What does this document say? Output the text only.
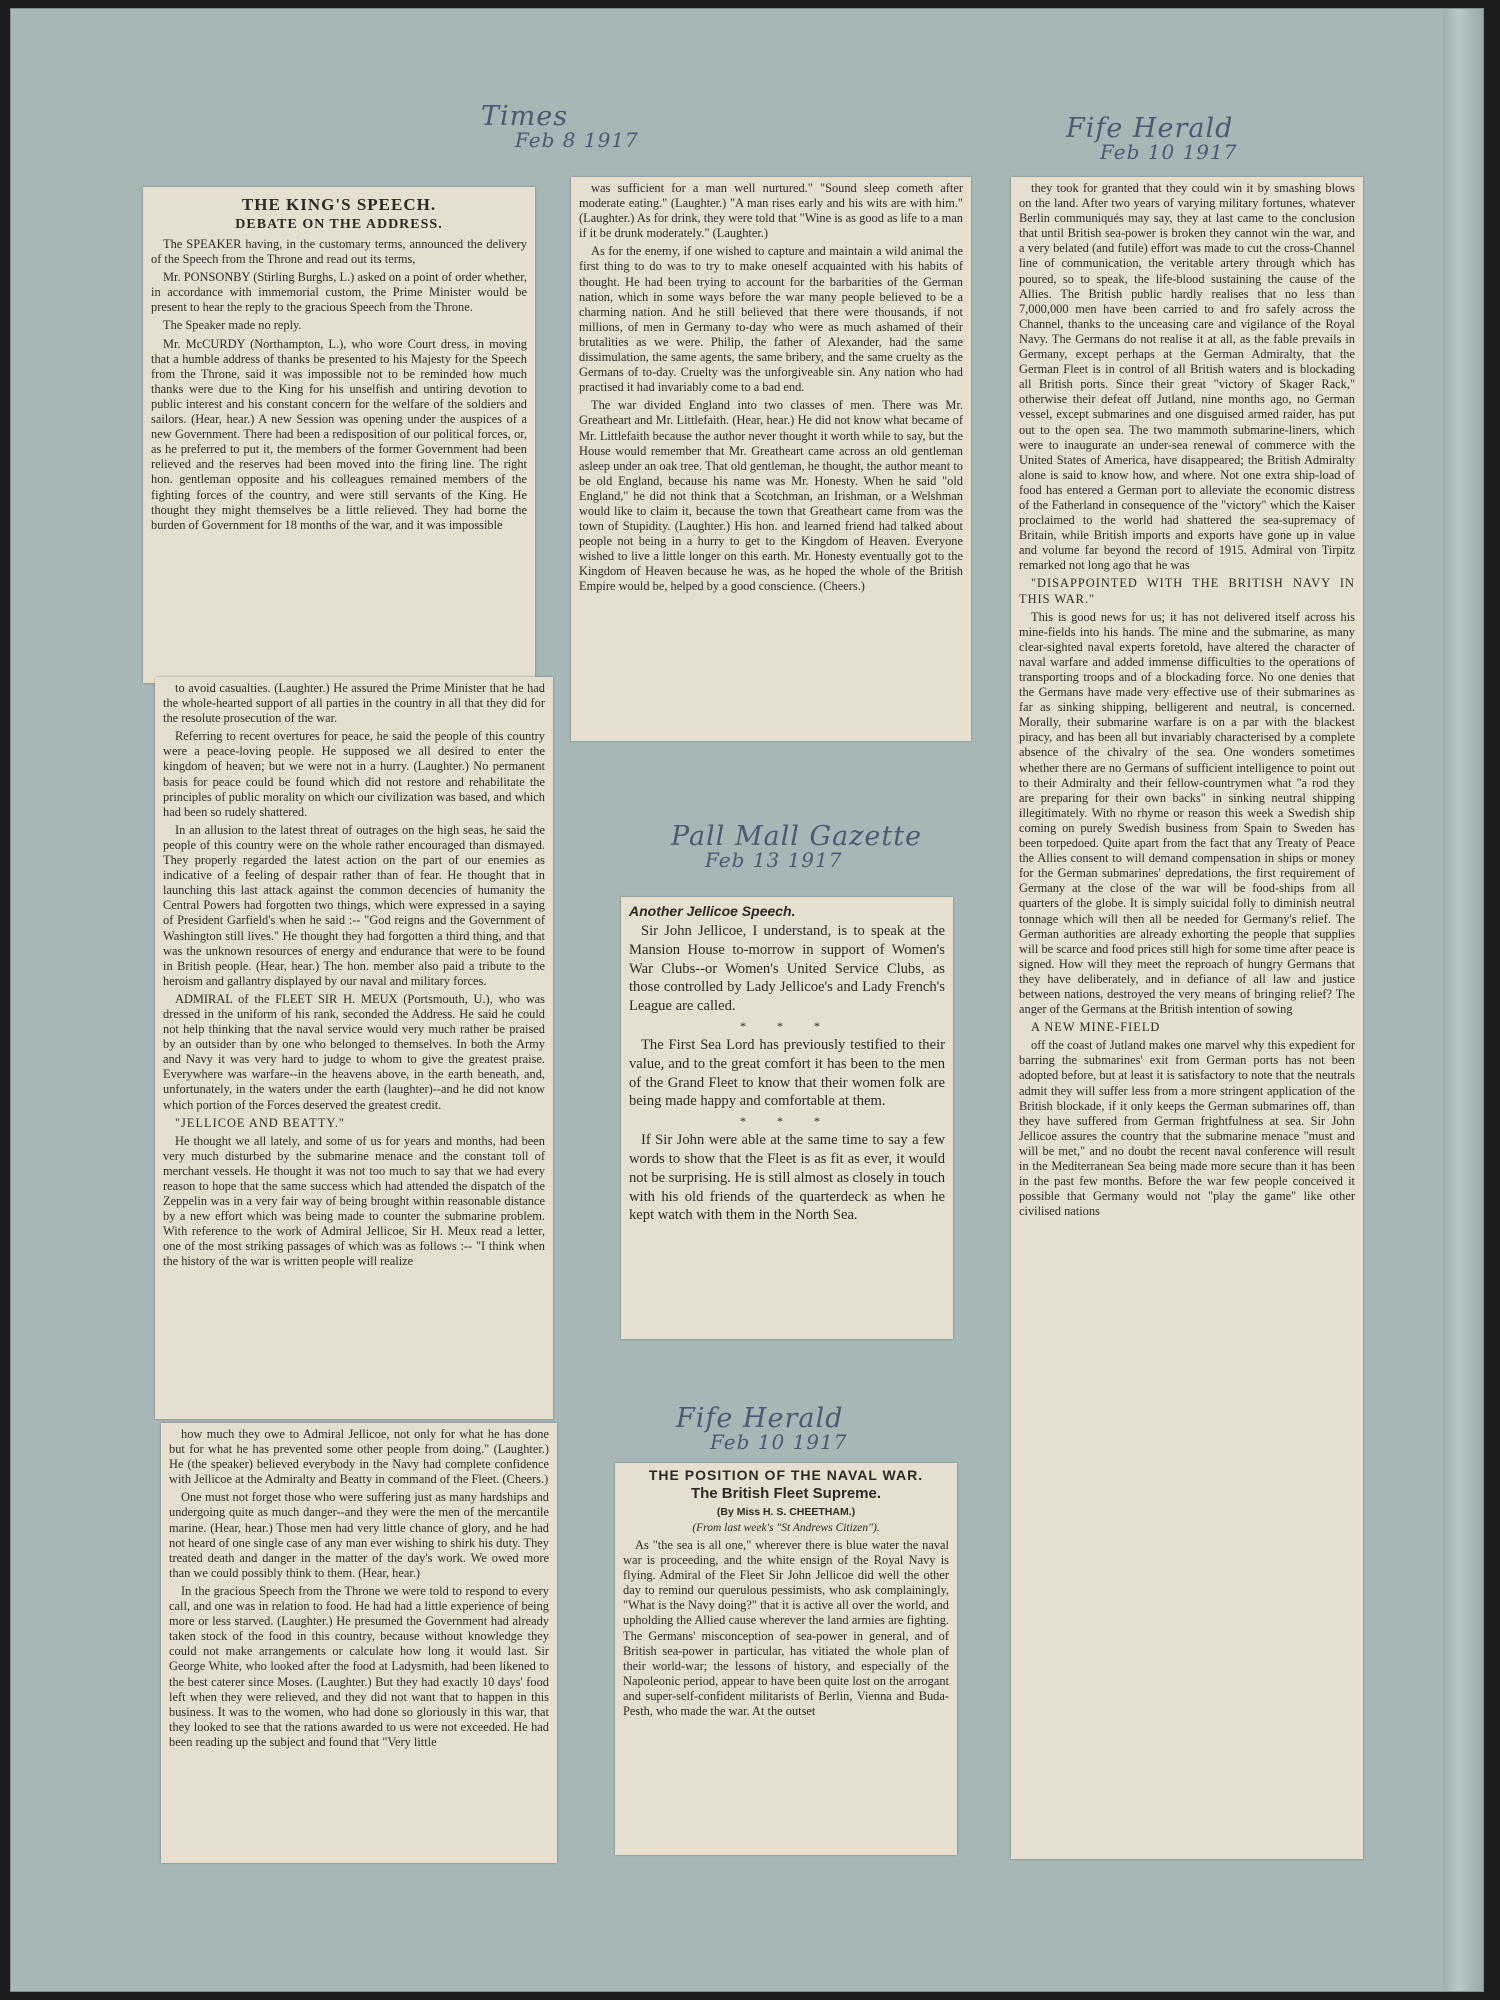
Times
Feb 8 1917	Fife Herald
Feb 10 1917
Pall Mall Gazette
Feb 13 1917
Fife Herald
Feb 10 1917
THE KING'S SPEECH.
DEBATE ON THE ADDRESS.

The SPEAKER having, in the customary terms, announced the delivery of the Speech from the Throne and read out its terms,

Mr. PONSONBY (Stirling Burghs, L.) asked on a point of order whether, in accordance with immemorial custom, the Prime Minister would be present to hear the reply to the gracious Speech from the Throne.

The Speaker made no reply.

Mr. McCURDY (Northampton, L.), who wore Court dress, in moving that a humble address of thanks be presented to his Majesty for the Speech from the Throne, said it was impossible not to be reminded how much thanks were due to the King for his unselfish and untiring devotion to public interest and his constant concern for the welfare of the soldiers and sailors. (Hear, hear.) A new Session was opening under the auspices of a new Government. There had been a redisposition of our political forces, or, as he preferred to put it, the members of the former Government had been relieved and the reserves had been moved into the firing line. The right hon. gentleman opposite and his colleagues remained members of the fighting forces of the country, and were still servants of the King. He thought they might themselves be a little relieved. They had borne the burden of Government for 18 months of the war, and it was impossible

to avoid casualties. (Laughter.) He assured the Prime Minister that he had the whole-hearted support of all parties in the country in all that they did for the resolute prosecution of the war.

Referring to recent overtures for peace, he said the people of this country were a peace-loving people. He supposed we all desired to enter the kingdom of heaven; but we were not in a hurry. (Laughter.) No permanent basis for peace could be found which did not restore and rehabilitate the principles of public morality on which our civilization was based, and which had been so rudely shattered.

In an allusion to the latest threat of outrages on the high seas, he said the people of this country were on the whole rather encouraged than dismayed. They properly regarded the latest action on the part of our enemies as indicative of a feeling of despair rather than of fear. He thought that in launching this last attack against the common decencies of humanity the Central Powers had forgotten two things, which were expressed in a saying of President Garfield's when he said :-- "God reigns and the Government of Washington still lives." He thought they had forgotten a third thing, and that was the unknown resources of energy and endurance that were to be found in British people. (Hear, hear.) The hon. member also paid a tribute to the heroism and gallantry displayed by our naval and military forces.

ADMIRAL of the FLEET SIR H. MEUX (Portsmouth, U.), who was dressed in the uniform of his rank, seconded the Address. He said he could not help thinking that the naval service would very much rather be praised by an outsider than by one who belonged to themselves. In both the Army and Navy it was very hard to judge to whom to give the greatest praise. Everywhere was warfare--in the heavens above, in the earth beneath, and, unfortunately, in the waters under the earth (laughter)--and he did not know which portion of the Forces deserved the greatest credit.

"JELLICOE AND BEATTY."

He thought we all lately, and some of us for years and months, had been very much disturbed by the submarine menace and the constant toll of merchant vessels. He thought it was not too much to say that we had every reason to hope that the same success which had attended the dispatch of the Zeppelin was in a very fair way of being brought within reasonable distance by a new effort which was being made to counter the submarine problem. With reference to the work of Admiral Jellicoe, Sir H. Meux read a letter, one of the most striking passages of which was as follows :-- "I think when the history of the war is written people will realize

how much they owe to Admiral Jellicoe, not only for what he has done but for what he has prevented some other people from doing." (Laughter.) He (the speaker) believed everybody in the Navy had complete confidence with Jellicoe at the Admiralty and Beatty in command of the Fleet. (Cheers.)

One must not forget those who were suffering just as many hardships and undergoing quite as much danger--and they were the men of the mercantile marine. (Hear, hear.) Those men had very little chance of glory, and he had not heard of one single case of any man ever wishing to shirk his duty. They treated death and danger in the matter of the day's work. We owed more than we could possibly think to them. (Hear, hear.)

In the gracious Speech from the Throne we were told to respond to every call, and one was in relation to food. He had had a little experience of being more or less starved. (Laughter.) He presumed the Government had already taken stock of the food in this country, because without knowledge they could not make arrangements or calculate how long it would last. Sir George White, who looked after the food at Ladysmith, had been likened to the best caterer since Moses. (Laughter.) But they had exactly 10 days' food left when they were relieved, and they did not want that to happen in this business. It was to the women, who had done so gloriously in this war, that they looked to see that the rations awarded to us were not exceeded. He had been reading up the subject and found that "Very little

was sufficient for a man well nurtured." "Sound sleep cometh after moderate eating." (Laughter.) "A man rises early and his wits are with him." (Laughter.) As for drink, they were told that "Wine is as good as life to a man if it be drunk moderately." (Laughter.)

As for the enemy, if one wished to capture and maintain a wild animal the first thing to do was to try to make oneself acquainted with his habits of thought. He had been trying to account for the barbarities of the German nation, which in some ways before the war many people believed to be a charming nation. And he still believed that there were thousands, if not millions, of men in Germany to-day who were as much ashamed of their brutalities as we were. Philip, the father of Alexander, had the same dissimulation, the same agents, the same bribery, and the same cruelty as the Germans of to-day. Cruelty was the unforgiveable sin. Any nation who had practised it had invariably come to a bad end.

The war divided England into two classes of men. There was Mr. Greatheart and Mr. Littlefaith. (Hear, hear.) He did not know what became of Mr. Littlefaith because the author never thought it worth while to say, but the House would remember that Mr. Greatheart came across an old gentleman asleep under an oak tree. That old gentleman, he thought, the author meant to be old England, because his name was Mr. Honesty. When he said "old England," he did not think that a Scotchman, an Irishman, or a Welshman would like to claim it, because the town that Greatheart came from was the town of Stupidity. (Laughter.) His hon. and learned friend had talked about people not being in a hurry to get to the Kingdom of Heaven. Everyone wished to live a little longer on this earth. Mr. Honesty eventually got to the Kingdom of Heaven because he was, as he hoped the whole of the British Empire would be, helped by a good conscience. (Cheers.)

Another Jellicoe Speech.

Sir John Jellicoe, I understand, is to speak at the Mansion House to-morrow in support of Women's War Clubs--or Women's United Service Clubs, as those controlled by Lady Jellicoe's and Lady French's League are called.

* * *

The First Sea Lord has previously testified to their value, and to the great comfort it has been to the men of the Grand Fleet to know that their women folk are being made happy and comfortable at them.

* * *

If Sir John were able at the same time to say a few words to show that the Fleet is as fit as ever, it would not be surprising. He is still almost as closely in touch with his old friends of the quarterdeck as when he kept watch with them in the North Sea.

THE POSITION OF THE NAVAL WAR.
The British Fleet Supreme.
(By Miss H. S. CHEETHAM.)
(From last week's "St Andrews Citizen").

As "the sea is all one," wherever there is blue water the naval war is proceeding, and the white ensign of the Royal Navy is flying. Admiral of the Fleet Sir John Jellicoe did well the other day to remind our querulous pessimists, who ask complainingly, "What is the Navy doing?" that it is active all over the world, and upholding the Allied cause wherever the land armies are fighting. The Germans' misconception of sea-power in general, and of British sea-power in particular, has vitiated the whole plan of their world-war; the lessons of history, and especially of the Napoleonic period, appear to have been quite lost on the arrogant and super-self-confident militarists of Berlin, Vienna and Buda-Pesth, who made the war. At the outset

they took for granted that they could win it by smashing blows on the land. After two years of varying military fortunes, whatever Berlin communiqués may say, they at last came to the conclusion that until British sea-power is broken they cannot win the war, and a very belated (and futile) effort was made to cut the cross-Channel line of communication, the veritable artery through which has poured, so to speak, the life-blood sustaining the cause of the Allies. The British public hardly realises that no less than 7,000,000 men have been carried to and fro safely across the Channel, thanks to the unceasing care and vigilance of the Royal Navy. The Germans do not realise it at all, as the fable prevails in Germany, except perhaps at the German Admiralty, that the German Fleet is in control of all British waters and is blockading all British ports. Since their great "victory of Skager Rack," otherwise their defeat off Jutland, nine months ago, no German vessel, except submarines and one disguised armed raider, has put out to the open sea. The two mammoth submarine-liners, which were to inaugurate an under-sea renewal of commerce with the United States of America, have disappeared; the British Admiralty alone is said to know how, and where. Not one extra ship-load of food has entered a German port to alleviate the economic distress of the Fatherland in consequence of the "victory" which the Kaiser proclaimed to the world had shattered the sea-supremacy of Britain, while British imports and exports have gone up in value and volume far beyond the record of 1915. Admiral von Tirpitz remarked not long ago that he was

"DISAPPOINTED WITH THE BRITISH NAVY IN THIS WAR."

This is good news for us; it has not delivered itself across his mine-fields into his hands. The mine and the submarine, as many clear-sighted naval experts foretold, have altered the character of naval warfare and added immense difficulties to the operations of transporting troops and of a blockading force. No one denies that the Germans have made very effective use of their submarines as far as sinking shipping, belligerent and neutral, is concerned. Morally, their submarine warfare is on a par with the blackest piracy, and has been all but invariably characterised by a complete absence of the chivalry of the sea. One wonders sometimes whether there are no Germans of sufficient intelligence to point out to their Admiralty and their fellow-countrymen what "a rod they are preparing for their own backs" in sinking neutral shipping illegitimately. With no rhyme or reason this week a Swedish ship coming on purely Swedish business from Spain to Sweden has been torpedoed. Quite apart from the fact that any Treaty of Peace the Allies consent to will demand compensation in ships or money for the German submarines' depredations, the first requirement of Germany at the close of the war will be food-ships from all quarters of the globe. It is simply suicidal folly to diminish neutral tonnage which will then all be needed for Germany's relief. The German authorities are already exhorting the people that supplies will be scarce and food prices still high for some time after peace is signed. How will they meet the reproach of hungry Germans that they have deliberately, and in defiance of all law and justice between nations, destroyed the very means of bringing relief? The anger of the Germans at the British intention of sowing

A NEW MINE-FIELD

off the coast of Jutland makes one marvel why this expedient for barring the submarines' exit from German ports has not been adopted before, but at least it is satisfactory to note that the neutrals admit they will suffer less from a more stringent application of the British blockade, if it only keeps the German submarines off, than they have suffered from German frightfulness at sea. Sir John Jellicoe assures the country that the submarine menace "must and will be met," and no doubt the recent naval conference will result in the Mediterranean Sea being made more secure than it has been in the past few months. Before the war few people conceived it possible that Germany would not "play the game" like other civilised nations
